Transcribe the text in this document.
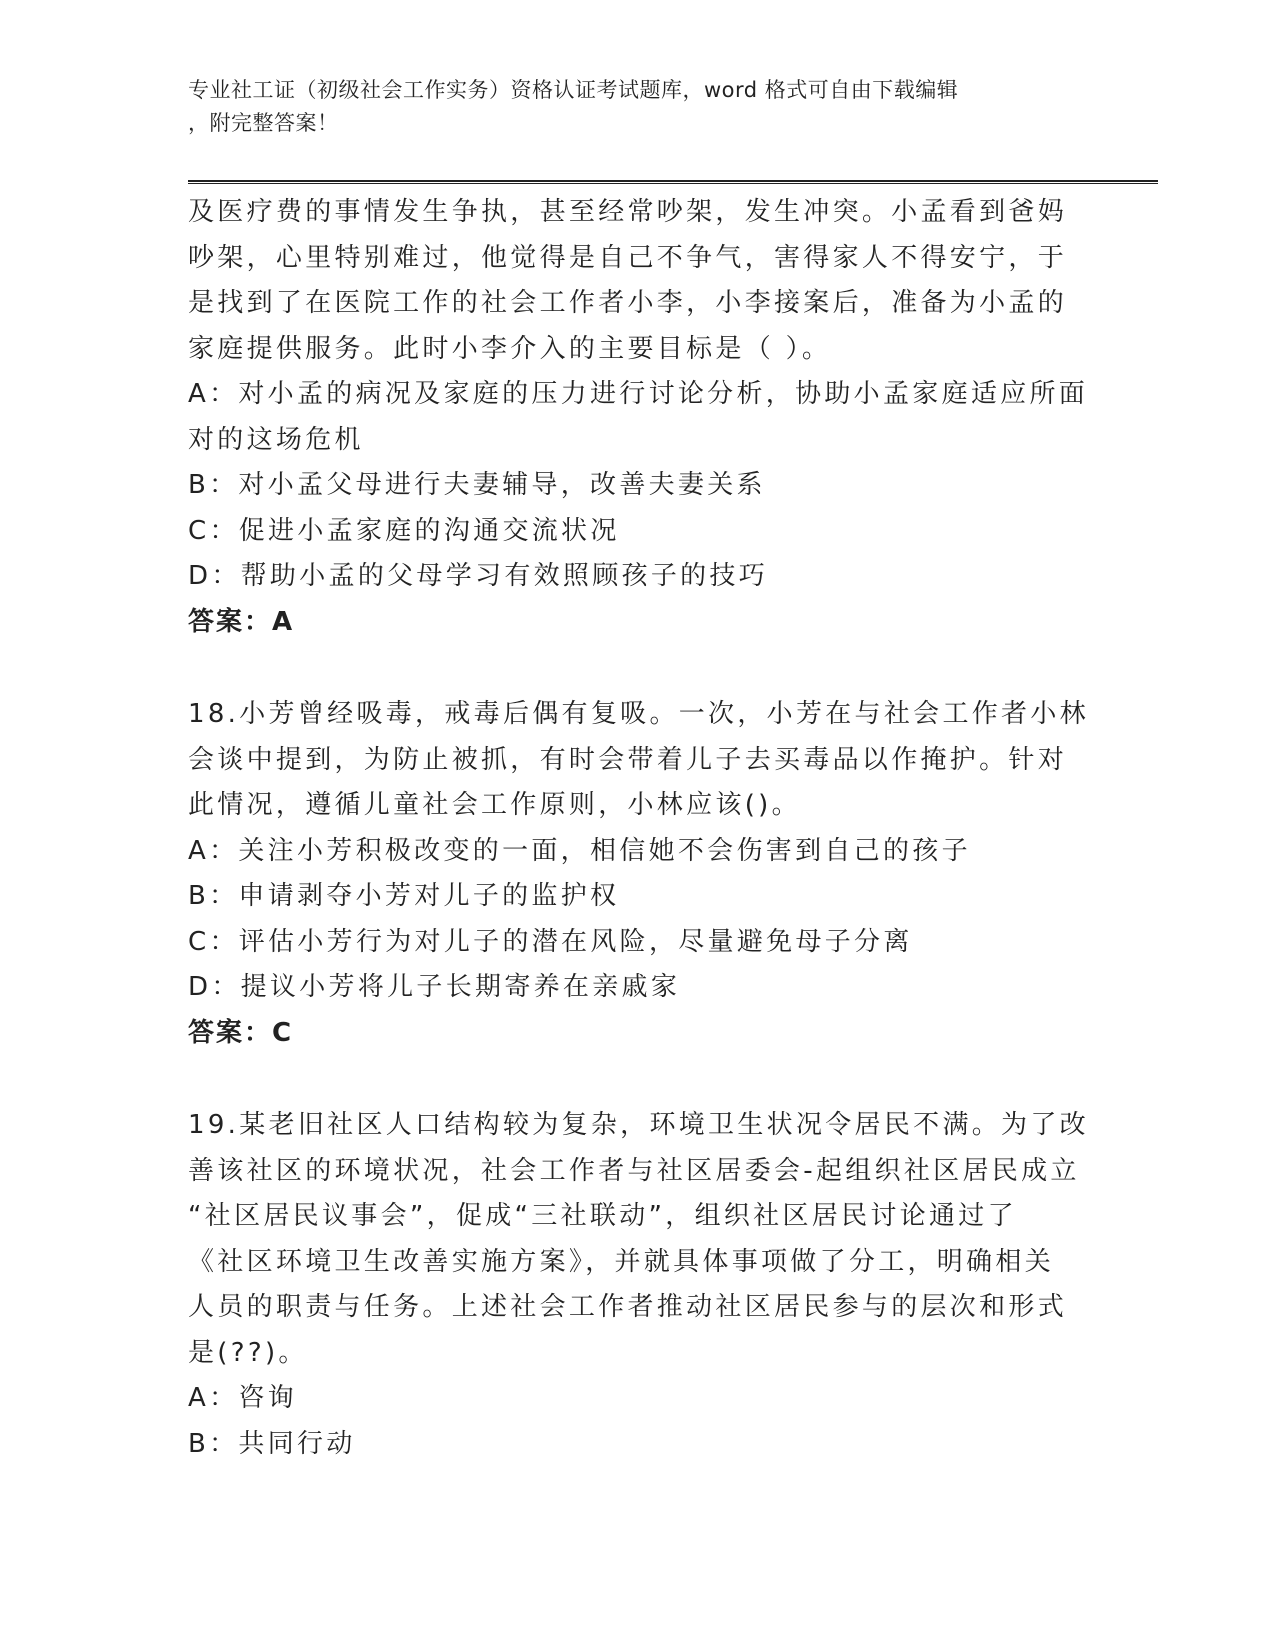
专业社工证（初级社会工作实务）资格认证考试题库，word 格式可自由下载编辑
，附完整答案！
及医疗费的事情发生争执，甚至经常吵架，发生冲突。小孟看到爸妈
吵架，心里特别难过，他觉得是自己不争气，害得家人不得安宁，于
是找到了在医院工作的社会工作者小李，小李接案后，准备为小孟的
家庭提供服务。此时小李介入的主要目标是（ ）。
A：对小孟的病况及家庭的压力进行讨论分析，协助小孟家庭适应所面
对的这场危机
B：对小孟父母进行夫妻辅导，改善夫妻关系
C：促进小孟家庭的沟通交流状况
D：帮助小孟的父母学习有效照顾孩子的技巧
答案：A
18.小芳曾经吸毒，戒毒后偶有复吸。一次，小芳在与社会工作者小林
会谈中提到，为防止被抓，有时会带着儿子去买毒品以作掩护。针对
此情况，遵循儿童社会工作原则，小林应该()。
A：关注小芳积极改变的一面，相信她不会伤害到自己的孩子
B：申请剥夺小芳对儿子的监护权
C：评估小芳行为对儿子的潜在风险，尽量避免母子分离
D：提议小芳将儿子长期寄养在亲戚家
答案：C
19.某老旧社区人口结构较为复杂，环境卫生状况令居民不满。为了改
善该社区的环境状况，社会工作者与社区居委会-起组织社区居民成立
“社区居民议事会”，促成“三社联动”，组织社区居民讨论通过了
《社区环境卫生改善实施方案》，并就具体事项做了分工，明确相关
人员的职责与任务。上述社会工作者推动社区居民参与的层次和形式
是(??)。
A：咨询
B：共同行动
